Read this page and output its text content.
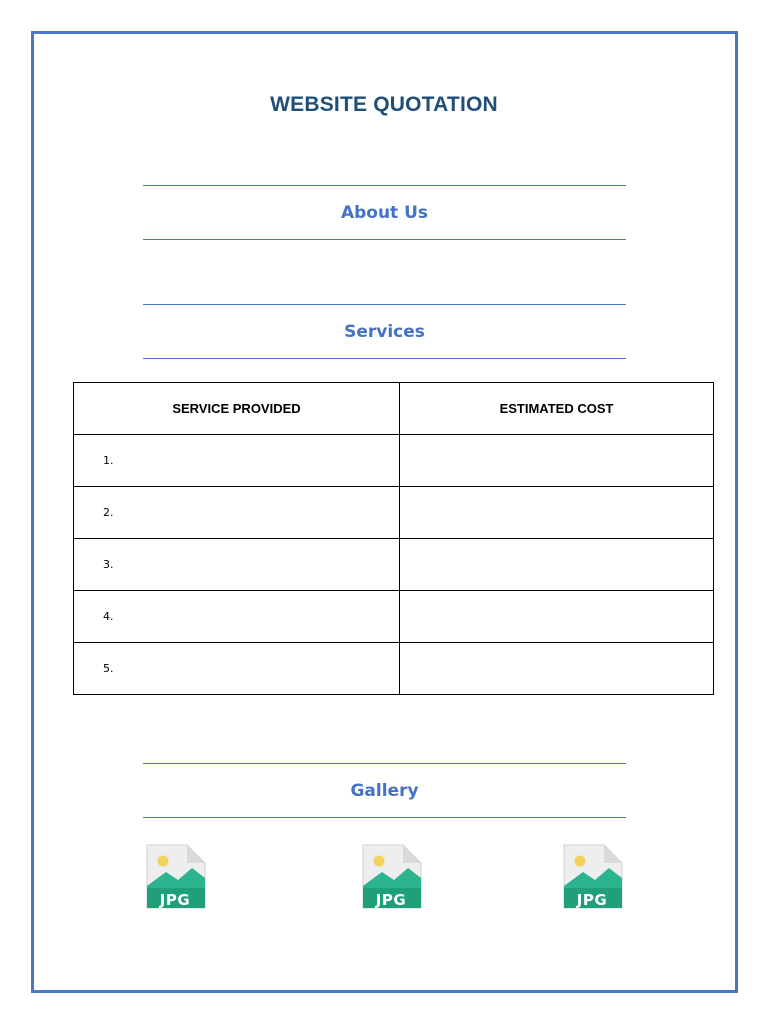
WEBSITE QUOTATION
About Us
Services
SERVICE PROVIDED	ESTIMATED COST
1.	
2.	
3.	
4.	
5.	
Gallery
JPG	JPG	JPG
